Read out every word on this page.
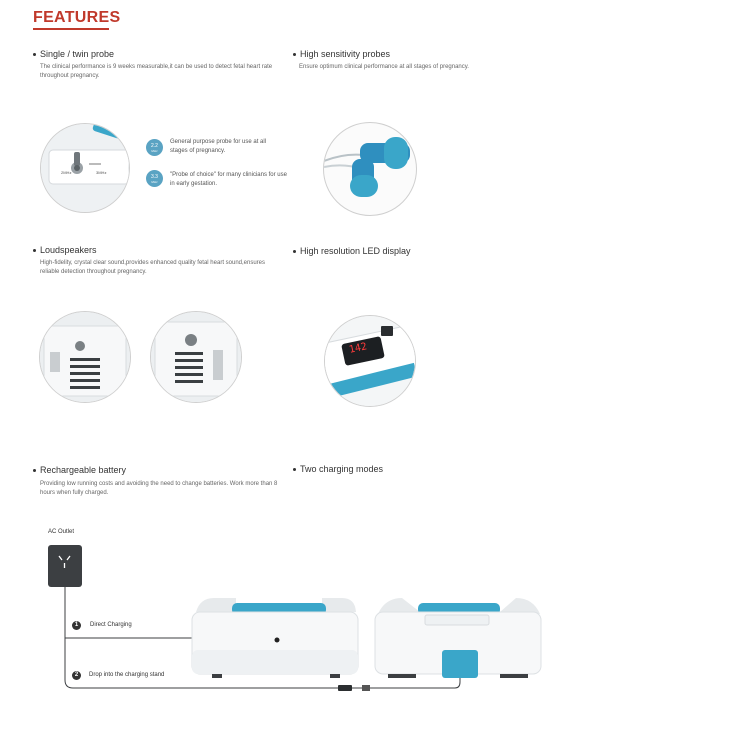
FEATURES
Single / twin probe
The clinical performance is 9 weeks measurable,it can be used to detect fetal heart rate throughout pregnancy.
2MHz	3MHz
2.2
MHz
General purpose probe for use at all stages of pregnancy.
3.3
MHz
"Probe of choice" for many clinicians for use in early gestation.
High sensitivity probes
Ensure optimum clinical performance at all stages of pregnancy.
Loudspeakers
High-fidelity, crystal clear sound,provides enhanced quality fetal heart sound,ensures reliable detection throughout pregnancy.
High resolution LED display
142
Rechargeable battery
Providing low running costs and avoiding the need to change batteries. Work more than 8 hours when fully charged.
Two charging modes
AC Outlet
1	Direct Charging
2	Drop into the charging stand
